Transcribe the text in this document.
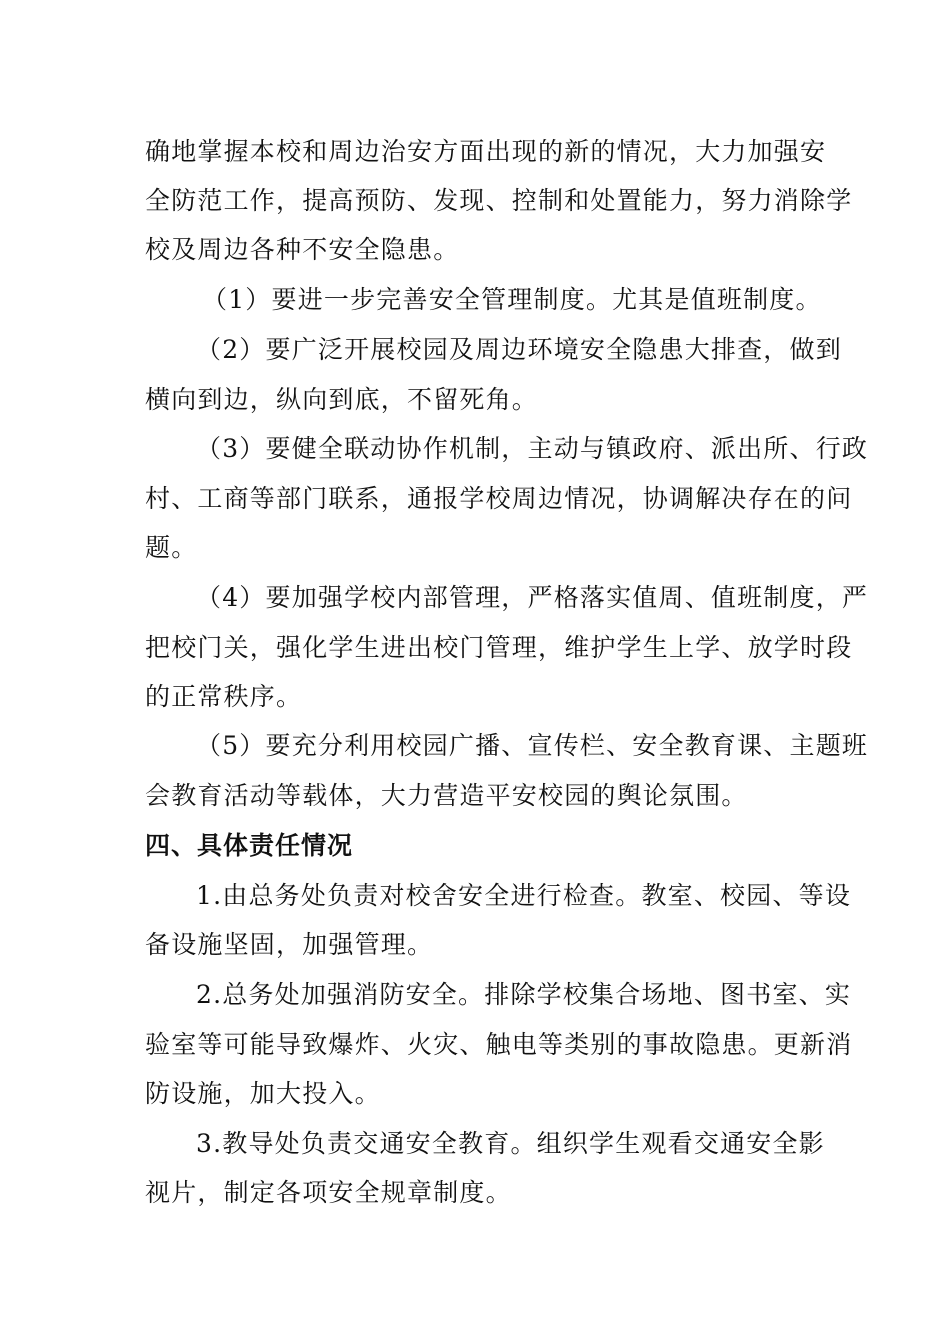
确地掌握本校和周边治安方面出现的新的情况，大力加强安
全防范工作，提高预防、发现、控制和处置能力，努力消除学
校及周边各种不安全隐患。
（1）要进一步完善安全管理制度。尤其是值班制度。
（2）要广泛开展校园及周边环境安全隐患大排查，做到
横向到边，纵向到底，不留死角。
（3）要健全联动协作机制，主动与镇政府、派出所、行政
村、工商等部门联系，通报学校周边情况，协调解决存在的问
题。
（4）要加强学校内部管理，严格落实值周、值班制度，严
把校门关，强化学生进出校门管理，维护学生上学、放学时段
的正常秩序。
（5）要充分利用校园广播、宣传栏、安全教育课、主题班
会教育活动等载体，大力营造平安校园的舆论氛围。
四、具体责任情况
1.由总务处负责对校舍安全进行检查。教室、校园、等设
备设施坚固，加强管理。
2.总务处加强消防安全。排除学校集合场地、图书室、实
验室等可能导致爆炸、火灾、触电等类别的事故隐患。更新消
防设施，加大投入。
3.教导处负责交通安全教育。组织学生观看交通安全影
视片，制定各项安全规章制度。
